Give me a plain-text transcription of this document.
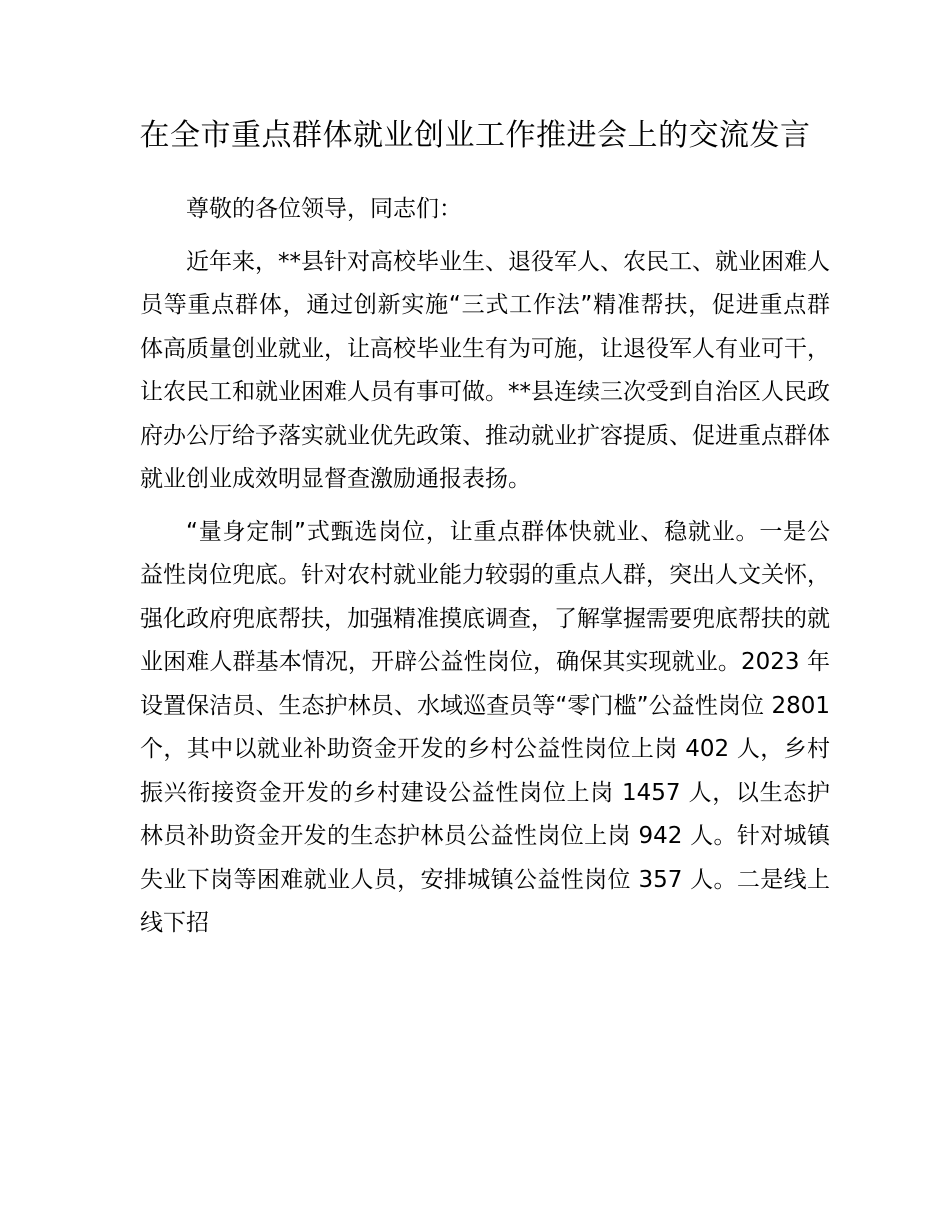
在全市重点群体就业创业工作推进会上的交流发言

尊敬的各位领导，同志们：

近年来，**县针对高校毕业生、退役军人、农民工、就业困难人员等重点群体，通过创新实施“三式工作法”精准帮扶，促进重点群体高质量创业就业，让高校毕业生有为可施，让退役军人有业可干，让农民工和就业困难人员有事可做。**县连续三次受到自治区人民政府办公厅给予落实就业优先政策、推动就业扩容提质、促进重点群体就业创业成效明显督查激励通报表扬。

“量身定制”式甄选岗位，让重点群体快就业、稳就业。一是公益性岗位兜底。针对农村就业能力较弱的重点人群，突出人文关怀，强化政府兜底帮扶，加强精准摸底调查，了解掌握需要兜底帮扶的就业困难人群基本情况，开辟公益性岗位，确保其实现就业。2023 年设置保洁员、生态护林员、水域巡查员等“零门槛”公益性岗位 2801 个，其中以就业补助资金开发的乡村公益性岗位上岗 402 人，乡村振兴衔接资金开发的乡村建设公益性岗位上岗 1457 人，以生态护林员补助资金开发的生态护林员公益性岗位上岗 942 人。针对城镇失业下岗等困难就业人员，安排城镇公益性岗位 357 人。二是线上线下招
